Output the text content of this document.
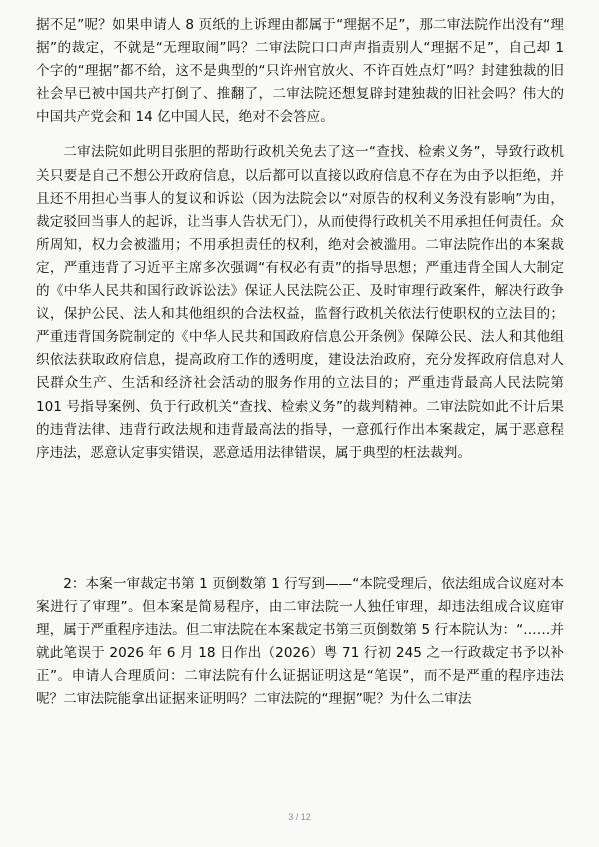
据不足”呢？如果申请人 8 页纸的上诉理由都属于“理据不足”，那二审法院作出没有“理据”的裁定，不就是“无理取闹”吗？二审法院口口声声指责别人“理据不足”，自己却 1 个字的“理据”都不给，这不是典型的“只许州官放火、不许百姓点灯”吗？封建独裁的旧社会早已被中国共产打倒了、推翻了，二审法院还想复辟封建独裁的旧社会吗？伟大的中国共产党会和 14 亿中国人民，绝对不会答应。

二审法院如此明目张胆的帮助行政机关免去了这一“查找、检索义务”，导致行政机关只要是自己不想公开政府信息，以后都可以直接以政府信息不存在为由予以拒绝，并且还不用担心当事人的复议和诉讼（因为法院会以“对原告的权利义务没有影响”为由，裁定驳回当事人的起诉，让当事人告状无门），从而使得行政机关不用承担任何责任。众所周知，权力会被滥用；不用承担责任的权利，绝对会被滥用。二审法院作出的本案裁定，严重违背了习近平主席多次强调“有权必有责”的指导思想；严重违背全国人大制定的《中华人民共和国行政诉讼法》保证人民法院公正、及时审理行政案件，解决行政争议，保护公民、法人和其他组织的合法权益，监督行政机关依法行使职权的立法目的；严重违背国务院制定的《中华人民共和国政府信息公开条例》保障公民、法人和其他组织依法获取政府信息，提高政府工作的透明度，建设法治政府，充分发挥政府信息对人民群众生产、生活和经济社会活动的服务作用的立法目的；严重违背最高人民法院第 101 号指导案例、负于行政机关“查找、检索义务”的裁判精神。二审法院如此不计后果的违背法律、违背行政法规和违背最高法的指导，一意孤行作出本案裁定，属于恶意程序违法，恶意认定事实错误，恶意适用法律错误，属于典型的枉法裁判。

2：本案一审裁定书第 1 页倒数第 1 行写到——“本院受理后，依法组成合议庭对本案进行了审理”。但本案是简易程序，由二审法院一人独任审理，却违法组成合议庭审理，属于严重程序违法。但二审法院在本案裁定书第三页倒数第 5 行本院认为：“……并就此笔误于 2026 年 6 月 18 日作出（2026）粤 71 行初 245 之一行政裁定书予以补正”。申请人合理质问：二审法院有什么证据证明这是“笔误”，而不是严重的程序违法呢？二审法院能拿出证据来证明吗？二审法院的“理据”呢？为什么二审法

3 / 12
